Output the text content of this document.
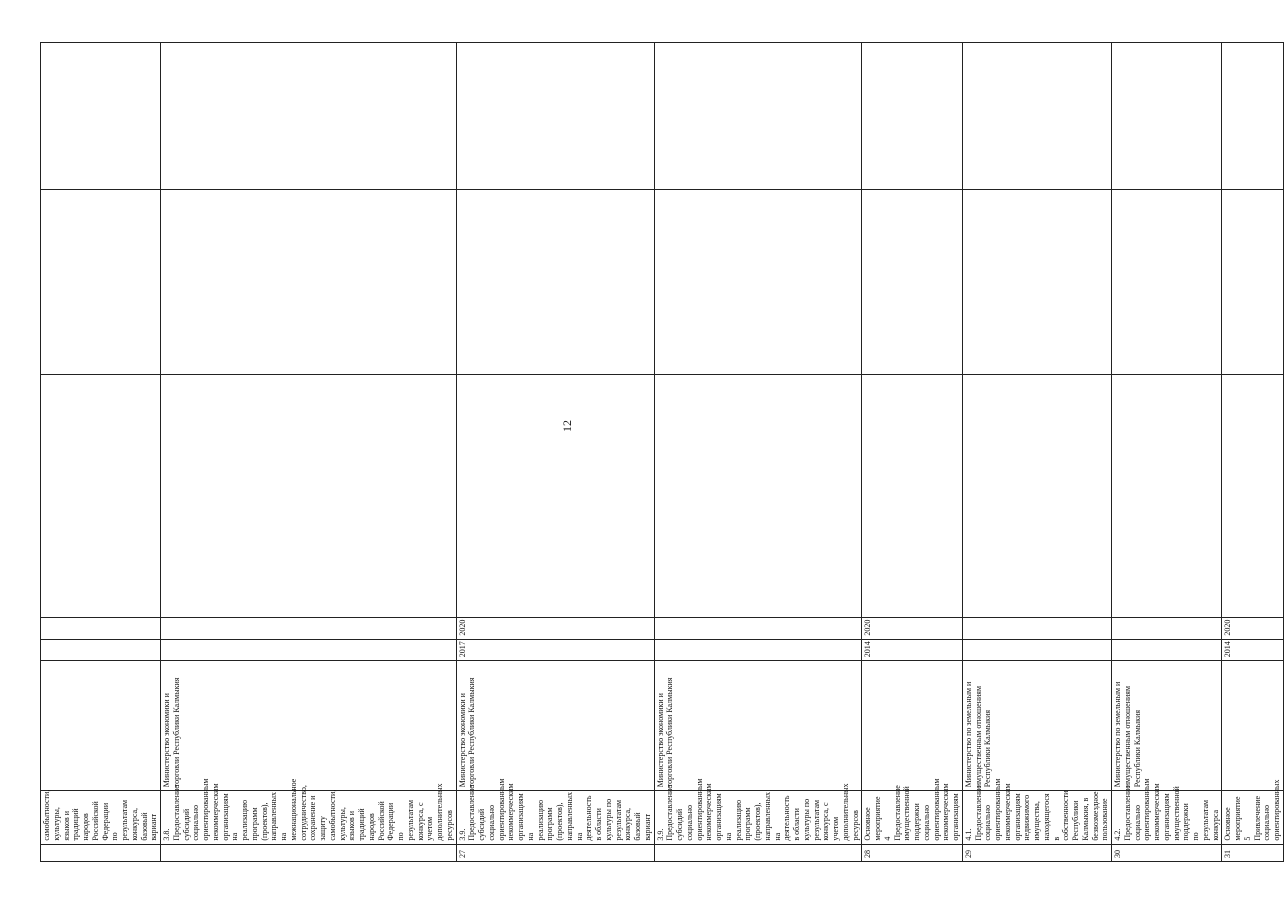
	самобытности, культуры, языков и традиций народов Российской Федерации по результатам конкурса, базовый вариант						
	3.8. Предоставление субсидий социально ориентированным некоммерческим организациям на реализацию программ (проектов), направленных на межнациональное сотрудничество, сохранение и защиту самобытности, культуры, языков и традиций народов Российской Федерации по результатам конкурса, с учетом дополнительных ресурсов	Министерство экономики и торговли Республики Калмыкия					
27	3.9. Предоставление субсидий социально ориентированным некоммерческим организациям на реализацию программ (проектов), направленных на деятельность в области культуры по результатам конкурса, базовый вариант	Министерство экономики и торговли Республики Калмыкия	2017	2020			
	3.9. Предоставление субсидий социально ориентированным некоммерческим организациям на реализацию программ (проектов), направленных на деятельность в области культуры по результатам конкурса, с учетом дополнительных ресурсов	Министерство экономики и торговли Республики Калмыкия					
28	Основное мероприятие 4 Предоставление имущественной поддержки социально ориентированным некоммерческим организациям		2014	2020			
29	4.1. Предоставление социально ориентированным некоммерческим организациям недвижимого имущества, находящегося в собственности Республики Калмыкия, в безвозмездное пользование	Министерство по земельным и имущественным отношениям Республики Калмыкия					
30	4.2. Предоставление социально ориентированным некоммерческим организациям имущественной поддержки по результатам конкурса	Министерство по земельным и имущественным отношениям Республики Калмыкия					
31	Основное мероприятие 5 Привлечение социально ориентированных		2014	2020			
12
